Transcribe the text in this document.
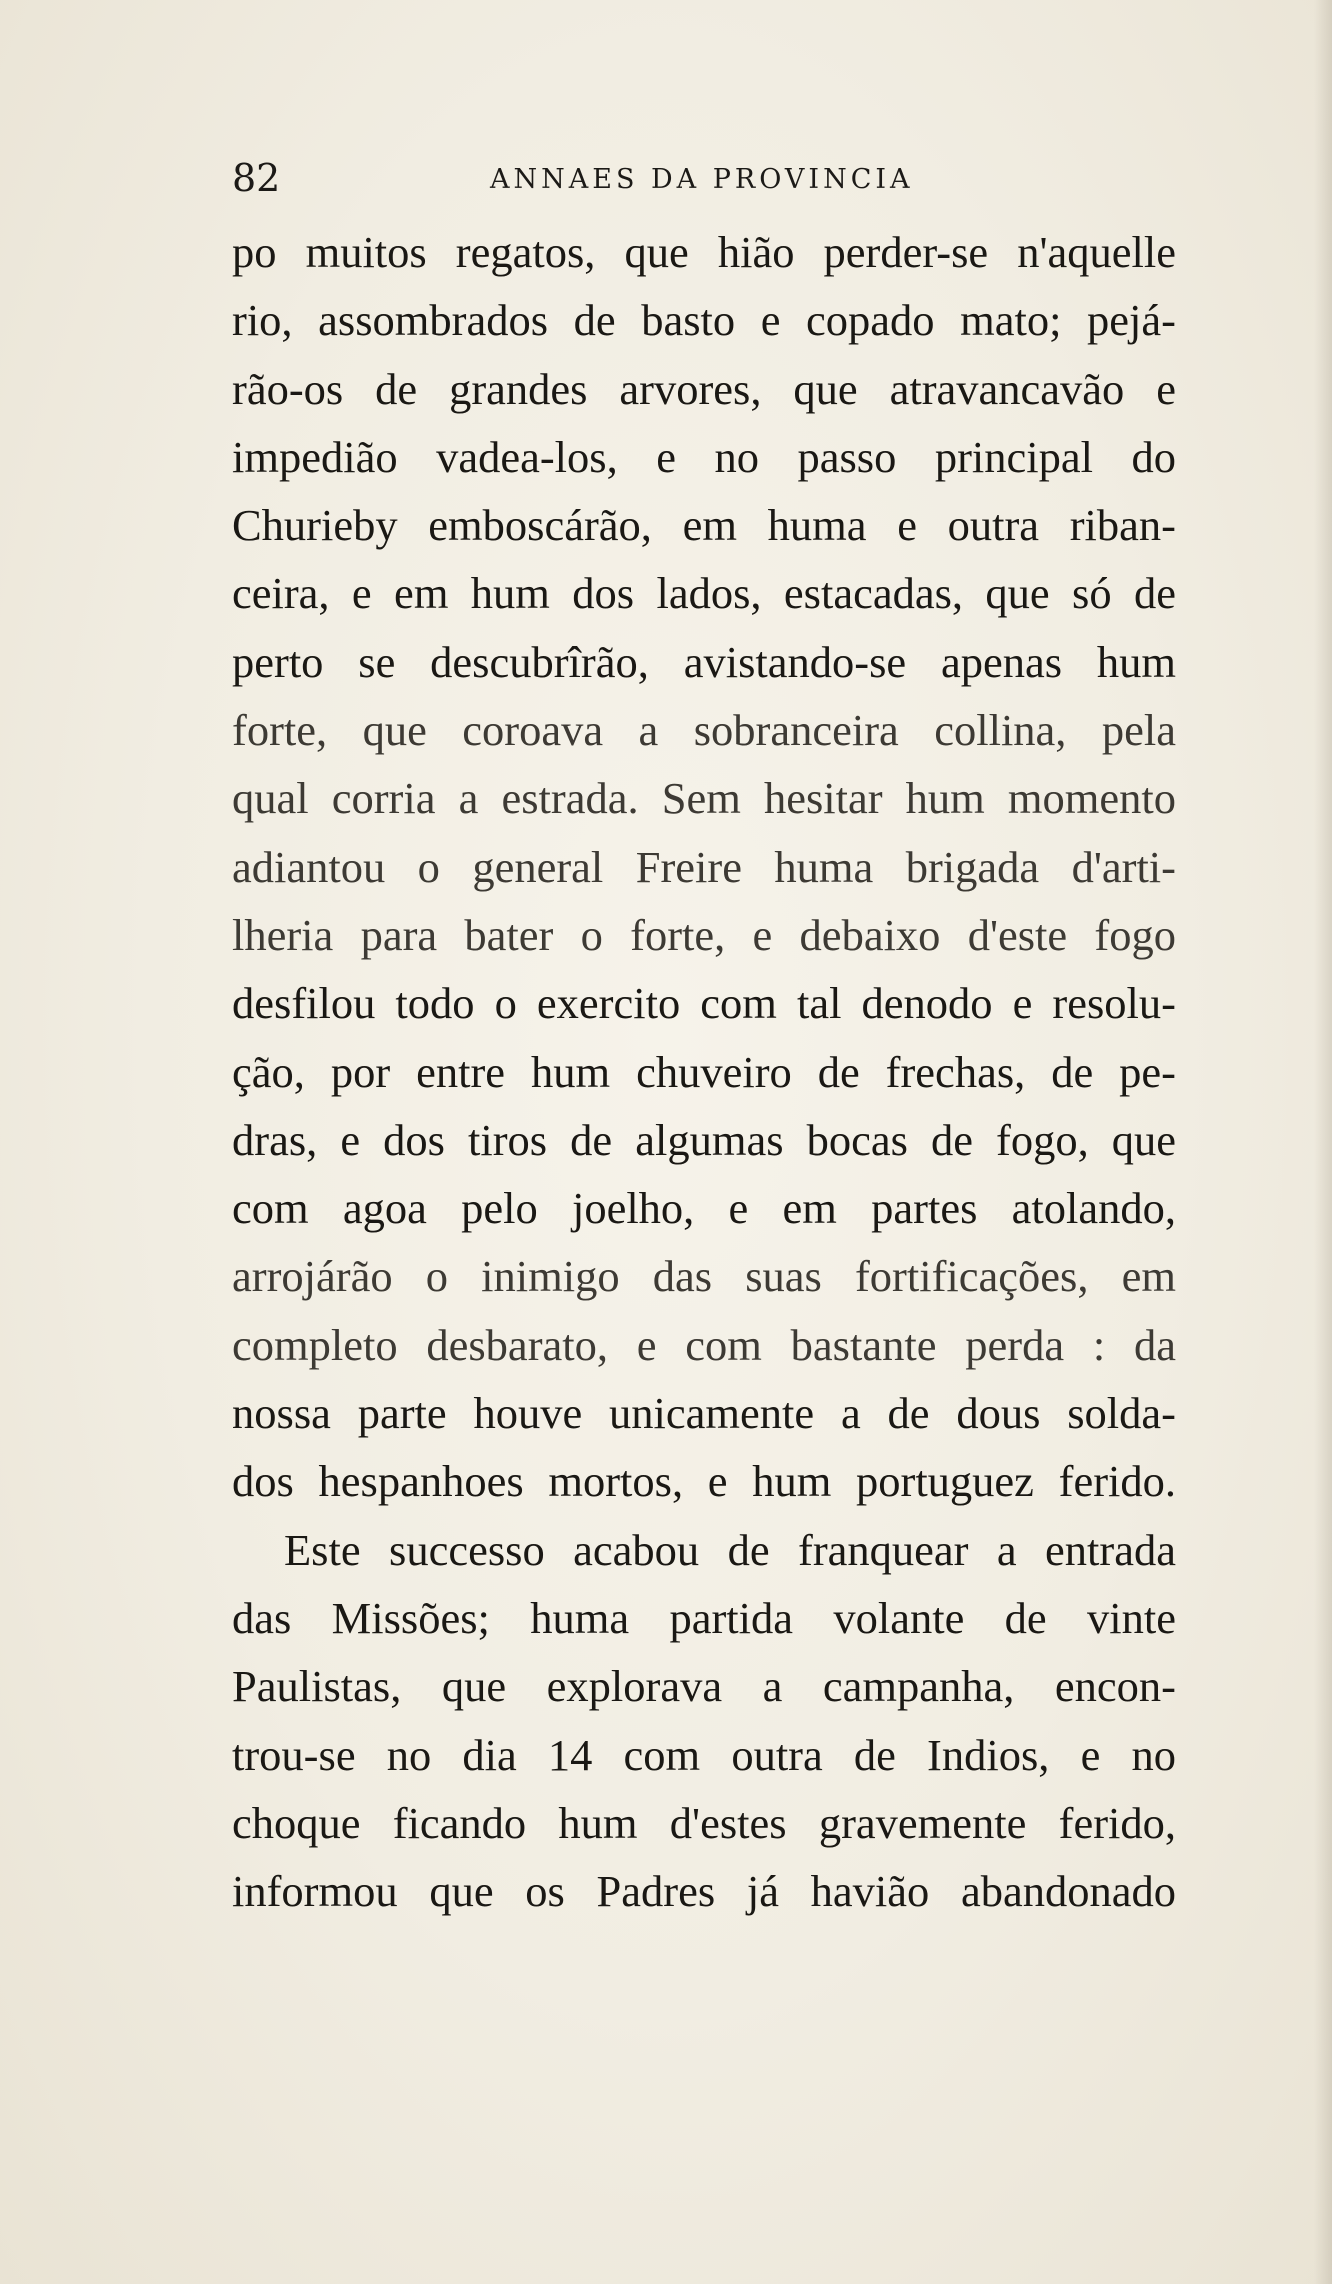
82	ANNAES DA PROVINCIA
po muitos regatos, que hião perder-se n'aquelle
rio, assombrados de basto e copado mato; pejá-
rão-os de grandes arvores, que atravancavão e
impedião vadea-los, e no passo principal do
Churieby emboscárão, em huma e outra riban-
ceira, e em hum dos lados, estacadas, que só de
perto se descubrîrão, avistando-se apenas hum
forte, que coroava a sobranceira collina, pela
qual corria a estrada. Sem hesitar hum momento
adiantou o general Freire huma brigada d'arti-
lheria para bater o forte, e debaixo d'este fogo
desfilou todo o exercito com tal denodo e resolu-
ção, por entre hum chuveiro de frechas, de pe-
dras, e dos tiros de algumas bocas de fogo, que
com agoa pelo joelho, e em partes atolando,
arrojárão o inimigo das suas fortificações, em
completo desbarato, e com bastante perda : da
nossa parte houve unicamente a de dous solda-
dos hespanhoes mortos, e hum portuguez ferido.
Este successo acabou de franquear a entrada
das Missões; huma partida volante de vinte
Paulistas, que explorava a campanha, encon-
trou-se no dia 14 com outra de Indios, e no
choque ficando hum d'estes gravemente ferido,
informou que os Padres já havião abandonado
